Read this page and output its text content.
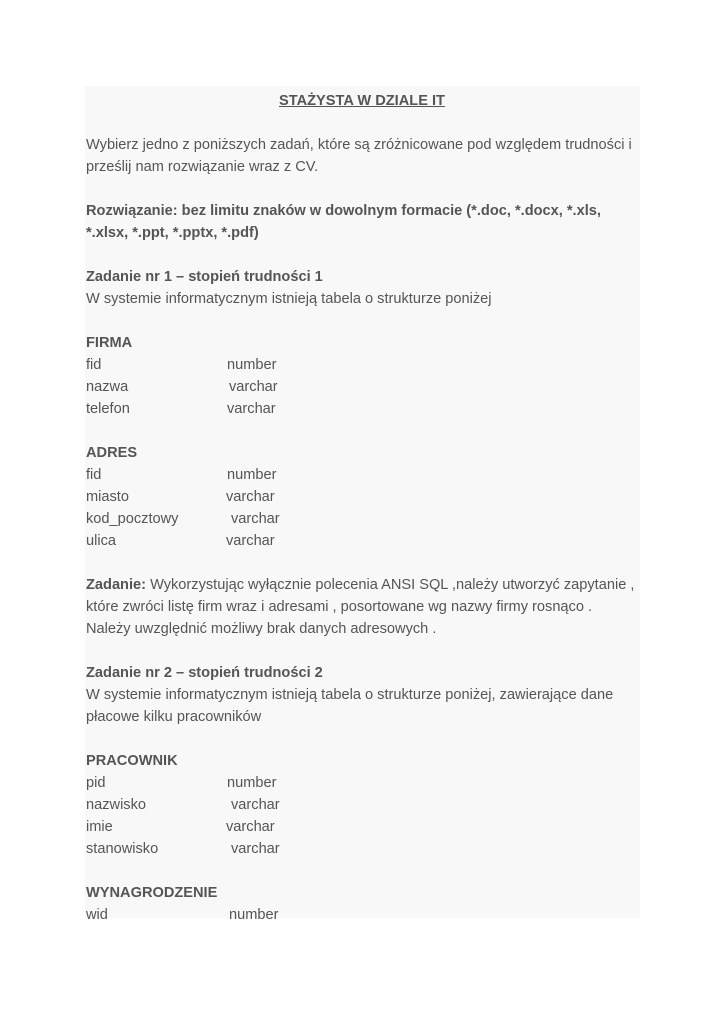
STAŻYSTA W DZIALE IT

Wybierz jedno z poniższych zadań, które są zróżnicowane pod względem trudności i

prześlij nam rozwiązanie wraz z CV.

Rozwiązanie: bez limitu znaków w dowolnym formacie (*.doc, *.docx, *.xls,

*.xlsx, *.ppt, *.pptx, *.pdf)

Zadanie nr 1 – stopień trudności 1

W systemie informatycznym istnieją tabela o strukturze poniżej

FIRMA

fid	number
nazwa	varchar
telefon	varchar

ADRES

fid	number
miasto	varchar
kod_pocztowy	varchar
ulica	varchar

Zadanie: Wykorzystując wyłącznie polecenia ANSI SQL ,należy utworzyć zapytanie ,

które zwróci listę firm wraz i adresami , posortowane wg nazwy firmy rosnąco .

Należy uwzględnić możliwy brak danych adresowych .

Zadanie nr 2 – stopień trudności 2

W systemie informatycznym istnieją tabela o strukturze poniżej, zawierające dane

płacowe kilku pracowników

PRACOWNIK

pid	number
nazwisko	varchar
imie	varchar
stanowisko	varchar

WYNAGRODZENIE

wid	number
